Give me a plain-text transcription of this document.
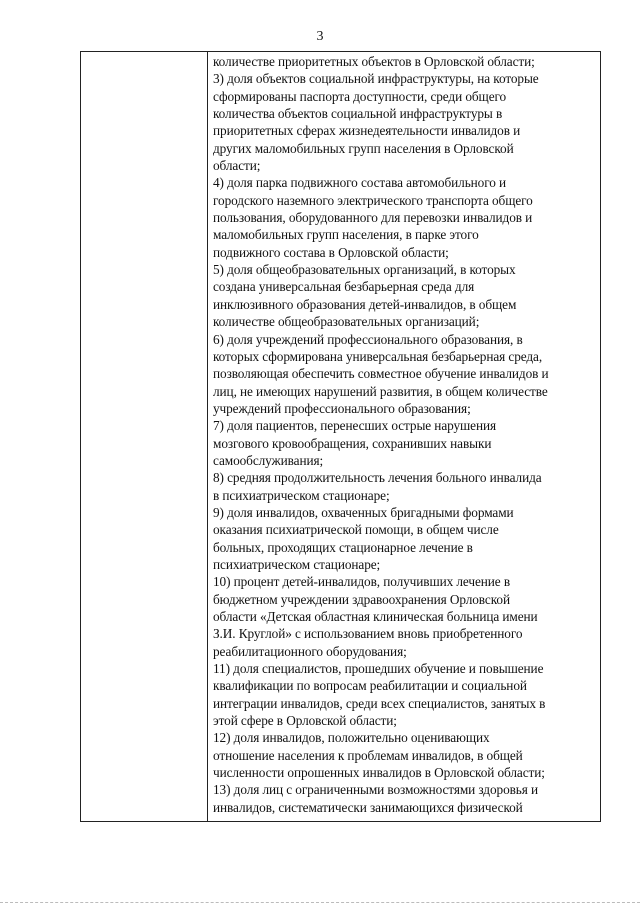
3
количестве приоритетных объектов в Орловской области;
3) доля объектов социальной инфраструктуры, на которые
сформированы паспорта доступности, среди общего
количества объектов социальной инфраструктуры в
приоритетных сферах жизнедеятельности инвалидов и
других маломобильных групп населения в Орловской
области;
4) доля парка подвижного состава автомобильного и
городского наземного электрического транспорта общего
пользования, оборудованного для перевозки инвалидов и
маломобильных групп населения, в парке этого
подвижного состава в Орловской области;
5) доля общеобразовательных организаций, в которых
создана универсальная безбарьерная среда для
инклюзивного образования детей-инвалидов, в общем
количестве общеобразовательных организаций;
6) доля учреждений профессионального образования, в
которых сформирована универсальная безбарьерная среда,
позволяющая обеспечить совместное обучение инвалидов и
лиц, не имеющих нарушений развития, в общем количестве
учреждений профессионального образования;
7) доля пациентов, перенесших острые нарушения
мозгового кровообращения, сохранивших навыки
самообслуживания;
8) средняя продолжительность лечения больного инвалида
в психиатрическом стационаре;
9) доля инвалидов, охваченных бригадными формами
оказания психиатрической помощи, в общем числе
больных, проходящих стационарное лечение в
психиатрическом стационаре;
10) процент детей-инвалидов, получивших лечение в
бюджетном учреждении здравоохранения Орловской
области «Детская областная клиническая больница имени
З.И. Круглой» с использованием вновь приобретенного
реабилитационного оборудования;
11) доля специалистов, прошедших обучение и повышение
квалификации по вопросам реабилитации и социальной
интеграции инвалидов, среди всех специалистов, занятых в
этой сфере в Орловской области;
12) доля инвалидов, положительно оценивающих
отношение населения к проблемам инвалидов, в общей
численности опрошенных инвалидов в Орловской области;
13) доля лиц с ограниченными возможностями здоровья и
инвалидов, систематически занимающихся физической
